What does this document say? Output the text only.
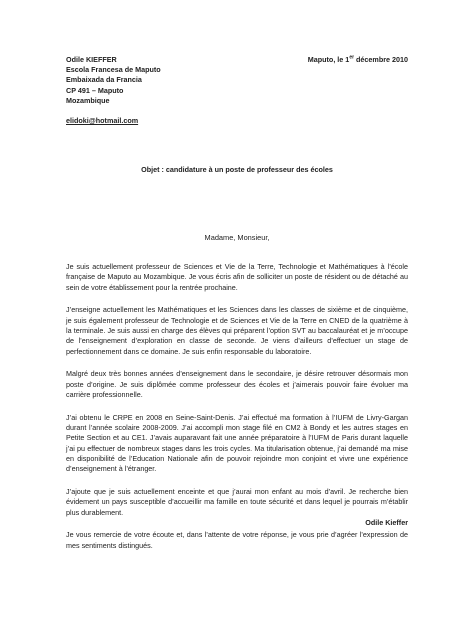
Odile KIEFFER
Escola Francesa de Maputo
Embaixada da Francia
CP 491 – Maputo
Mozambique
elidoki@hotmail.com
Maputo, le 1er décembre 2010
Objet : candidature à un poste de professeur des écoles
Madame, Monsieur,

Je suis actuellement professeur de Sciences et Vie de la Terre, Technologie et Mathématiques à l’école française de Maputo au Mozambique. Je vous écris afin de solliciter un poste de résident ou de détaché au sein de votre établissement pour la rentrée prochaine.

J’enseigne actuellement les Mathématiques et les Sciences dans les classes de sixième et de cinquième, je suis également professeur de Technologie et de Sciences et Vie de la Terre en CNED de la quatrième à la terminale. Je suis aussi en charge des élèves qui préparent l’option SVT au baccalauréat et je m’occupe de l’enseignement d’exploration en classe de seconde. Je viens d’ailleurs d’effectuer un stage de perfectionnement dans ce domaine. Je suis enfin responsable du laboratoire.

Malgré deux très bonnes années d’enseignement dans le secondaire, je désire retrouver désormais mon poste d’origine. Je suis diplômée comme professeur des écoles et j’aimerais pouvoir faire évoluer ma carrière professionnelle.

J’ai obtenu le CRPE en 2008 en Seine-Saint-Denis. J’ai effectué ma formation à l’IUFM de Livry-Gargan durant l’année scolaire 2008-2009. J’ai accompli mon stage filé en CM2 à Bondy et les autres stages en Petite Section et au CE1. J’avais auparavant fait une année préparatoire à l’IUFM de Paris durant laquelle j’ai pu effectuer de nombreux stages dans les trois cycles. Ma titularisation obtenue, j’ai demandé ma mise en disponibilité de l’Education Nationale afin de pouvoir rejoindre mon conjoint et vivre une expérience d’enseignement à l’étranger.

J’ajoute que je suis actuellement enceinte et que j’aurai mon enfant au mois d’avril. Je recherche bien évidement un pays susceptible d’accueillir ma famille en toute sécurité et dans lequel je pourrais m’établir plus durablement.

Je vous remercie de votre écoute et, dans l’attente de votre réponse, je vous prie d’agréer l’expression de mes sentiments distingués.

Odile Kieffer
